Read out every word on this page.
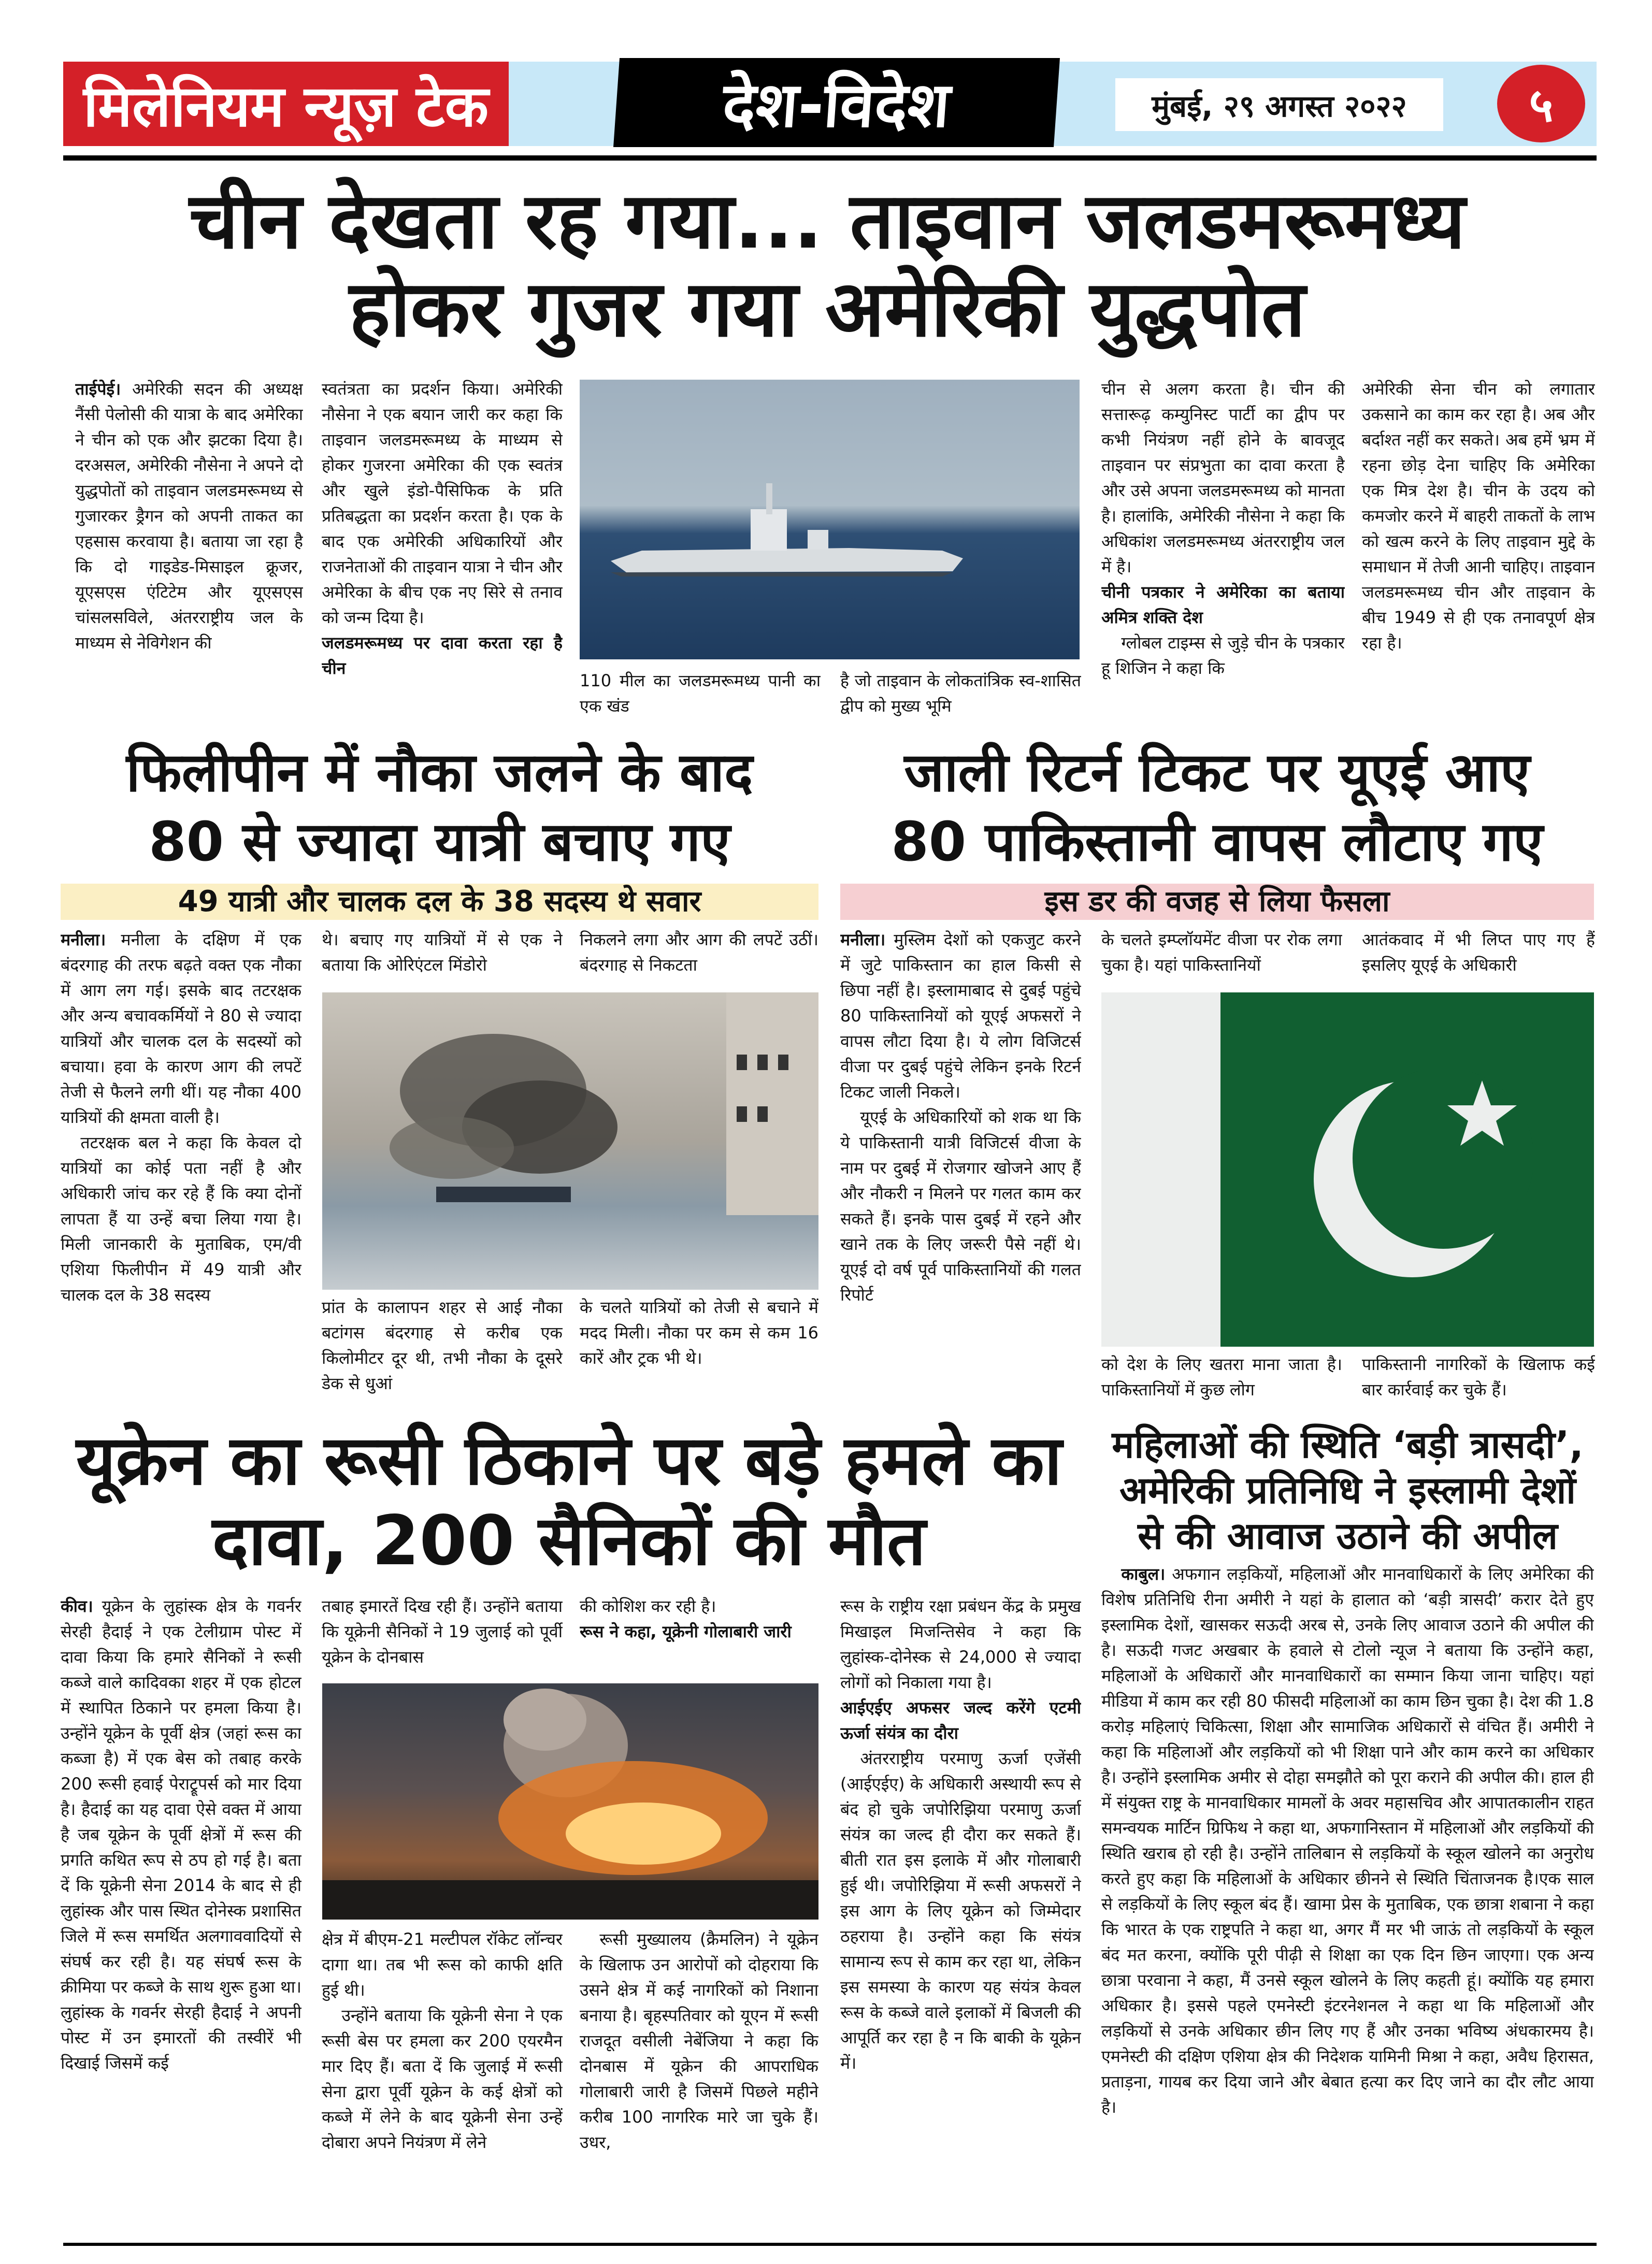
मिलेनियम न्यूज़ टेक	देश-विदेश	मुंबई, २९ अगस्त २०२२	५
चीन देखता रह गया... ताइवान जलडमरूमध्य
होकर गुजर गया अमेरिकी युद्धपोत

ताईपेई। अमेरिकी सदन की अध्यक्ष नैंसी पेलोसी की यात्रा के बाद अमेरिका ने चीन को एक और झटका दिया है। दरअसल, अमेरिकी नौसेना ने अपने दो युद्धपोतों को ताइवान जलडमरूमध्य से गुजारकर ड्रैगन को अपनी ताकत का एहसास करवाया है। बताया जा रहा है कि दो गाइडेड-मिसाइल क्रूजर, यूएसएस एंटिटेम और यूएसएस चांसलसविले, अंतरराष्ट्रीय जल के माध्यम से नेविगेशन की

स्वतंत्रता का प्रदर्शन किया। अमेरिकी नौसेना ने एक बयान जारी कर कहा कि ताइवान जलडमरूमध्य के माध्यम से होकर गुजरना अमेरिका की एक स्वतंत्र और खुले इंडो-पैसिफिक के प्रति प्रतिबद्धता का प्रदर्शन करता है। एक के बाद एक अमेरिकी अधिकारियों और राजनेताओं की ताइवान यात्रा ने चीन और अमेरिका के बीच एक नए सिरे से तनाव को जन्म दिया है।

जलडमरूमध्य पर दावा करता रहा है चीन

110 मील का जलडमरूमध्य पानी का एक खंड

है जो ताइवान के लोकतांत्रिक स्व-शासित द्वीप को मुख्य भूमि

चीन से अलग करता है। चीन की सत्तारूढ़ कम्युनिस्ट पार्टी का द्वीप पर कभी नियंत्रण नहीं होने के बावजूद ताइवान पर संप्रभुता का दावा करता है और उसे अपना जलडमरूमध्य को मानता है। हालांकि, अमेरिकी नौसेना ने कहा कि अधिकांश जलडमरूमध्य अंतरराष्ट्रीय जल में है।

चीनी पत्रकार ने अमेरिका का बताया अमित्र शक्ति देश

ग्लोबल टाइम्स से जुड़े चीन के पत्रकार हू शिजिन ने कहा कि

अमेरिकी सेना चीन को लगातार उकसाने का काम कर रहा है। अब और बर्दाश्त नहीं कर सकते। अब हमें भ्रम में रहना छोड़ देना चाहिए कि अमेरिका एक मित्र देश है। चीन के उदय को कमजोर करने में बाहरी ताकतों के लाभ को खत्म करने के लिए ताइवान मुद्दे के समाधान में तेजी आनी चाहिए। ताइवान जलडमरूमध्य चीन और ताइवान के बीच 1949 से ही एक तनावपूर्ण क्षेत्र रहा है।

फिलीपीन में नौका जलने के बाद
80 से ज्यादा यात्री बचाए गए
49 यात्री और चालक दल के 38 सदस्य थे सवार

मनीला। मनीला के दक्षिण में एक बंदरगाह की तरफ बढ़ते वक्त एक नौका में आग लग गई। इसके बाद तटरक्षक और अन्य बचावकर्मियों ने 80 से ज्यादा यात्रियों और चालक दल के सदस्यों को बचाया। हवा के कारण आग की लपटें तेजी से फैलने लगी थीं। यह नौका 400 यात्रियों की क्षमता वाली है।

तटरक्षक बल ने कहा कि केवल दो यात्रियों का कोई पता नहीं है और अधिकारी जांच कर रहे हैं कि क्या दोनों लापता हैं या उन्हें बचा लिया गया है। मिली जानकारी के मुताबिक, एम/वी एशिया फिलीपीन में 49 यात्री और चालक दल के 38 सदस्य

थे। बचाए गए यात्रियों में से एक ने बताया कि ओरिएंटल मिंडोरो

निकलने लगा और आग की लपटें उठीं। बंदरगाह से निकटता

प्रांत के कालापन शहर से आई नौका बटांगस बंदरगाह से करीब एक किलोमीटर दूर थी, तभी नौका के दूसरे डेक से धुआं

के चलते यात्रियों को तेजी से बचाने में मदद मिली। नौका पर कम से कम 16 कारें और ट्रक भी थे।

जाली रिटर्न टिकट पर यूएई आए
80 पाकिस्तानी वापस लौटाए गए
इस डर की वजह से लिया फैसला

मनीला। मुस्लिम देशों को एकजुट करने में जुटे पाकिस्तान का हाल किसी से छिपा नहीं है। इस्लामाबाद से दुबई पहुंचे 80 पाकिस्तानियों को यूएई अफसरों ने वापस लौटा दिया है। ये लोग विजिटर्स वीजा पर दुबई पहुंचे लेकिन इनके रिटर्न टिकट जाली निकले।

यूएई के अधिकारियों को शक था कि ये पाकिस्तानी यात्री विजिटर्स वीजा के नाम पर दुबई में रोजगार खोजने आए हैं और नौकरी न मिलने पर गलत काम कर सकते हैं। इनके पास दुबई में रहने और खाने तक के लिए जरूरी पैसे नहीं थे। यूएई दो वर्ष पूर्व पाकिस्तानियों की गलत रिपोर्ट

के चलते इम्प्लॉयमेंट वीजा पर रोक लगा चुका है। यहां पाकिस्तानियों

आतंकवाद में भी लिप्त पाए गए हैं इसलिए यूएई के अधिकारी

को देश के लिए खतरा माना जाता है। पाकिस्तानियों में कुछ लोग

पाकिस्तानी नागरिकों के खिलाफ कई बार कार्रवाई कर चुके हैं।

यूक्रेन का रूसी ठिकाने पर बड़े हमले का
दावा, 200 सैनिकों की मौत

कीव। यूक्रेन के लुहांस्क क्षेत्र के गवर्नर सेरही हैदाई ने एक टेलीग्राम पोस्ट में दावा किया कि हमारे सैनिकों ने रूसी कब्जे वाले कादिवका शहर में एक होटल में स्थापित ठिकाने पर हमला किया है। उन्होंने यूक्रेन के पूर्वी क्षेत्र (जहां रूस का कब्जा है) में एक बेस को तबाह करके 200 रूसी हवाई पेराट्रूपर्स को मार दिया है। हैदाई का यह दावा ऐसे वक्त में आया है जब यूक्रेन के पूर्वी क्षेत्रों में रूस की प्रगति कथित रूप से ठप हो गई है। बता दें कि यूक्रेनी सेना 2014 के बाद से ही लुहांस्क और पास स्थित दोनेस्क प्रशासित जिले में रूस समर्थित अलगाववादियों से संघर्ष कर रही है। यह संघर्ष रूस के क्रीमिया पर कब्जे के साथ शुरू हुआ था। लुहांस्क के गवर्नर सेरही हैदाई ने अपनी पोस्ट में उन इमारतों की तस्वीरें भी दिखाई जिसमें कई

तबाह इमारतें दिख रही हैं। उन्होंने बताया कि यूक्रेनी सैनिकों ने 19 जुलाई को पूर्वी यूक्रेन के दोनबास

की कोशिश कर रही है।

रूस ने कहा, यूक्रेनी गोलाबारी जारी

क्षेत्र में बीएम-21 मल्टीपल रॉकेट लॉन्चर दागा था। तब भी रूस को काफी क्षति हुई थी।

उन्होंने बताया कि यूक्रेनी सेना ने एक रूसी बेस पर हमला कर 200 एयरमैन मार दिए हैं। बता दें कि जुलाई में रूसी सेना द्वारा पूर्वी यूक्रेन के कई क्षेत्रों को कब्जे में लेने के बाद यूक्रेनी सेना उन्हें दोबारा अपने नियंत्रण में लेने

रूसी मुख्यालय (क्रैमलिन) ने यूक्रेन के खिलाफ उन आरोपों को दोहराया कि उसने क्षेत्र में कई नागरिकों को निशाना बनाया है। बृहस्पतिवार को यूएन में रूसी राजदूत वसीली नेबेंजिया ने कहा कि दोनबास में यूक्रेन की आपराधिक गोलाबारी जारी है जिसमें पिछले महीने करीब 100 नागरिक मारे जा चुके हैं। उधर,

रूस के राष्ट्रीय रक्षा प्रबंधन केंद्र के प्रमुख मिखाइल मिजन्तिसेव ने कहा कि लुहांस्क-दोनेस्क से 24,000 से ज्यादा लोगों को निकाला गया है।

आईएईए अफसर जल्द करेंगे एटमी ऊर्जा संयंत्र का दौरा

अंतरराष्ट्रीय परमाणु ऊर्जा एजेंसी (आईएईए) के अधिकारी अस्थायी रूप से बंद हो चुके जपोरिझिया परमाणु ऊर्जा संयंत्र का जल्द ही दौरा कर सकते हैं। बीती रात इस इलाके में और गोलाबारी हुई थी। जपोरिझिया में रूसी अफसरों ने इस आग के लिए यूक्रेन को जिम्मेदार ठहराया है। उन्होंने कहा कि संयंत्र सामान्य रूप से काम कर रहा था, लेकिन इस समस्या के कारण यह संयंत्र केवल रूस के कब्जे वाले इलाकों में बिजली की आपूर्ति कर रहा है न कि बाकी के यूक्रेन में।

महिलाओं की स्थिति ‘बड़ी त्रासदी’,
अमेरिकी प्रतिनिधि ने इस्लामी देशों
से की आवाज उठाने की अपील

काबुल। अफगान लड़कियों, महिलाओं और मानवाधिकारों के लिए अमेरिका की विशेष प्रतिनिधि रीना अमीरी ने यहां के हालात को ‘बड़ी त्रासदी’ करार देते हुए इस्लामिक देशों, खासकर सऊदी अरब से, उनके लिए आवाज उठाने की अपील की है। सऊदी गजट अखबार के हवाले से टोलो न्यूज ने बताया कि उन्होंने कहा, महिलाओं के अधिकारों और मानवाधिकारों का सम्मान किया जाना चाहिए। यहां मीडिया में काम कर रही 80 फीसदी महिलाओं का काम छिन चुका है। देश की 1.8 करोड़ महिलाएं चिकित्सा, शिक्षा और सामाजिक अधिकारों से वंचित हैं। अमीरी ने कहा कि महिलाओं और लड़कियों को भी शिक्षा पाने और काम करने का अधिकार है। उन्होंने इस्लामिक अमीर से दोहा समझौते को पूरा कराने की अपील की। हाल ही में संयुक्त राष्ट्र के मानवाधिकार मामलों के अवर महासचिव और आपातकालीन राहत समन्वयक मार्टिन ग्रिफिथ ने कहा था, अफगानिस्तान में महिलाओं और लड़कियों की स्थिति खराब हो रही है। उन्होंने तालिबान से लड़कियों के स्कूल खोलने का अनुरोध करते हुए कहा कि महिलाओं के अधिकार छीनने से स्थिति चिंताजनक है।एक साल से लड़कियों के लिए स्कूल बंद हैं। खामा प्रेस के मुताबिक, एक छात्रा शबाना ने कहा कि भारत के एक राष्ट्रपति ने कहा था, अगर मैं मर भी जाऊं तो लड़कियों के स्कूल बंद मत करना, क्योंकि पूरी पीढ़ी से शिक्षा का एक दिन छिन जाएगा। एक अन्य छात्रा परवाना ने कहा, मैं उनसे स्कूल खोलने के लिए कहती हूं। क्योंकि यह हमारा अधिकार है। इससे पहले एमनेस्टी इंटरनेशनल ने कहा था कि महिलाओं और लड़कियों से उनके अधिकार छीन लिए गए हैं और उनका भविष्य अंधकारमय है। एमनेस्टी की दक्षिण एशिया क्षेत्र की निदेशक यामिनी मिश्रा ने कहा, अवैध हिरासत, प्रताड़ना, गायब कर दिया जाने और बेबात हत्या कर दिए जाने का दौर लौट आया है।
